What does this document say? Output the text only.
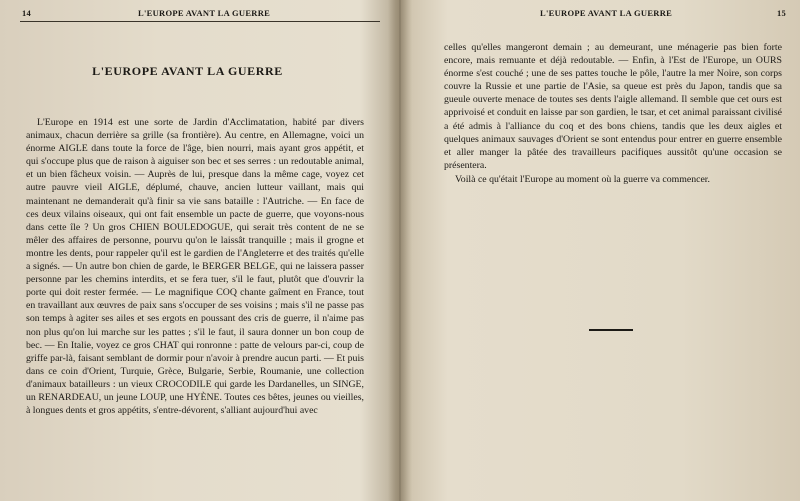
14	L'EUROPE AVANT LA GUERRE
L'EUROPE AVANT LA GUERRE
L'Europe en 1914 est une sorte de Jardin d'Acclimatation, habité par divers animaux, chacun derrière sa grille (sa frontière). Au centre, en Allemagne, voici un énorme AIGLE dans toute la force de l'âge, bien nourri, mais ayant gros appétit, et qui s'occupe plus que de raison à aiguiser son bec et ses serres : un redoutable animal, et un bien fâcheux voisin. — Auprès de lui, presque dans la même cage, voyez cet autre pauvre vieil AIGLE, déplumé, chauve, ancien lutteur vaillant, mais qui maintenant ne demanderait qu'à finir sa vie sans bataille : l'Autriche. — En face de ces deux vilains oiseaux, qui ont fait ensemble un pacte de guerre, que voyons-nous dans cette île ? Un gros CHIEN BOULEDOGUE, qui serait très content de ne se mêler des affaires de personne, pourvu qu'on le laissât tranquille ; mais il grogne et montre les dents, pour rappeler qu'il est le gardien de l'Angleterre et des traités qu'elle a signés. — Un autre bon chien de garde, le BERGER BELGE, qui ne laissera passer personne par les chemins interdits, et se fera tuer, s'il le faut, plutôt que d'ouvrir la porte qui doit rester fermée. — Le magnifique COQ chante gaîment en France, tout en travaillant aux œuvres de paix sans s'occuper de ses voisins ; mais s'il ne passe pas son temps à agiter ses ailes et ses ergots en poussant des cris de guerre, il n'aime pas non plus qu'on lui marche sur les pattes ; s'il le faut, il saura donner un bon coup de bec. — En Italie, voyez ce gros CHAT qui ronronne : patte de velours par-ci, coup de griffe par-là, faisant semblant de dormir pour n'avoir à prendre aucun parti. — Et puis dans ce coin d'Orient, Turquie, Grèce, Bulgarie, Serbie, Roumanie, une collection d'animaux batailleurs : un vieux CROCODILE qui garde les Dardanelles, un SINGE, un RENARDEAU, un jeune LOUP, une HYÈNE. Toutes ces bêtes, jeunes ou vieilles, à longues dents et gros appétits, s'entre-dévorent, s'alliant aujourd'hui avec
L'EUROPE AVANT LA GUERRE	15
celles qu'elles mangeront demain ; au demeurant, une ménagerie pas bien forte encore, mais remuante et déjà redoutable. — Enfin, à l'Est de l'Europe, un OURS énorme s'est couché ; une de ses pattes touche le pôle, l'autre la mer Noire, son corps couvre la Russie et une partie de l'Asie, sa queue est près du Japon, tandis que sa gueule ouverte menace de toutes ses dents l'aigle allemand. Il semble que cet ours est apprivoisé et conduit en laisse par son gardien, le tsar, et cet animal paraissant civilisé a été admis à l'alliance du coq et des bons chiens, tandis que les deux aigles et quelques animaux sauvages d'Orient se sont entendus pour entrer en guerre ensemble et aller manger la pâtée des travailleurs pacifiques aussitôt qu'une occasion se présentera.
Voilà ce qu'était l'Europe au moment où la guerre va commencer.
